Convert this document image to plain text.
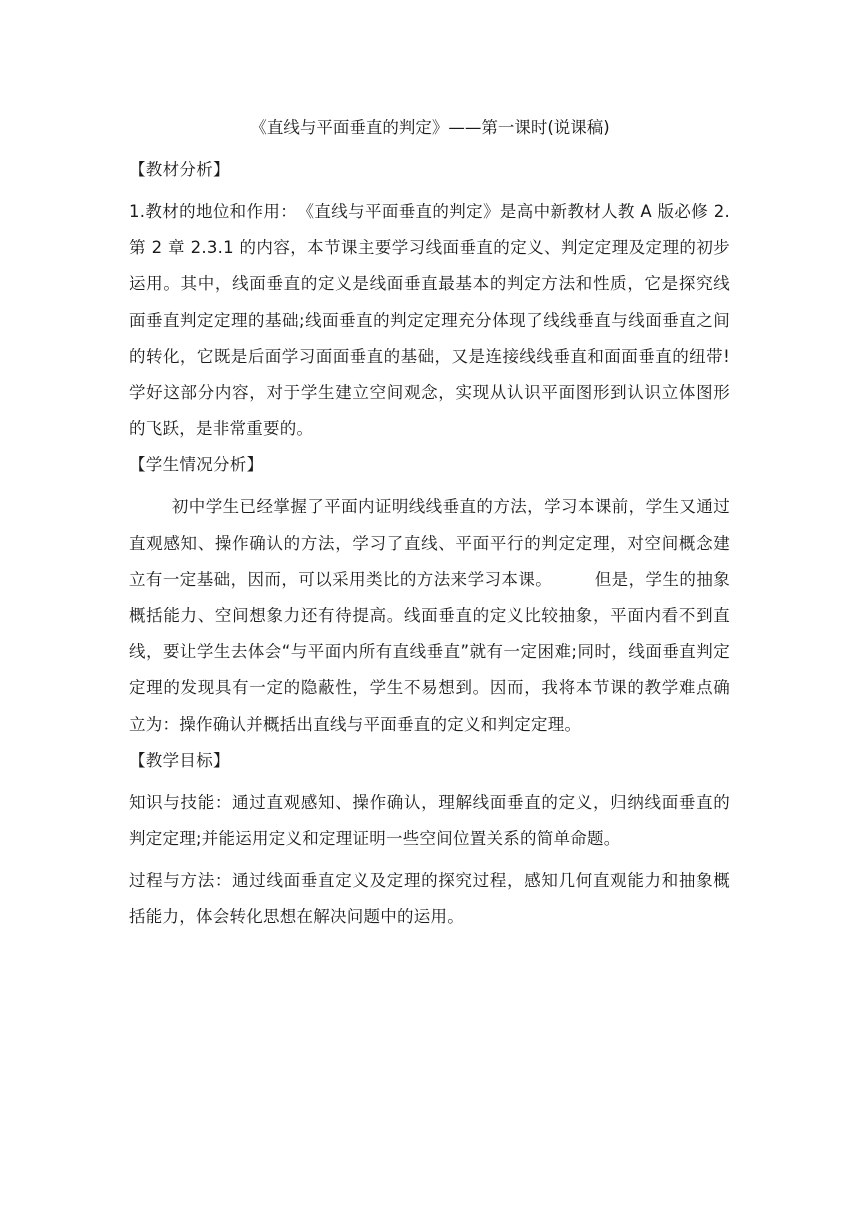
《直线与平面垂直的判定》——第一课时(说课稿)
【教材分析】

1.教材的地位和作用：　《直线与平面垂直的判定》是高中新教材人教 A 版必修 2.第 2 章 2.3.1 的内容，本节课主要学习线面垂直的定义、判定定理及定理的初步运用。其中，线面垂直的定义是线面垂直最基本的判定方法和性质，它是探究线面垂直判定定理的基础;线面垂直的判定定理充分体现了线线垂直与线面垂直之间的转化，它既是后面学习面面垂直的基础，又是连接线线垂直和面面垂直的纽带!学好这部分内容，对于学生建立空间观念，实现从认识平面图形到认识立体图形的飞跃，是非常重要的。

【学生情况分析】

初中学生已经掌握了平面内证明线线垂直的方法，学习本课前，学生又通过直观感知、操作确认的方法，学习了直线、平面平行的判定定理，对空间概念建立有一定基础，因而，可以采用类比的方法来学习本课。　　　但是，学生的抽象概括能力、空间想象力还有待提高。线面垂直的定义比较抽象，平面内看不到直线，要让学生去体会“与平面内所有直线垂直”就有一定困难;同时，线面垂直判定定理的发现具有一定的隐蔽性，学生不易想到。因而，我将本节课的教学难点确立为：操作确认并概括出直线与平面垂直的定义和判定定理。

【教学目标】

知识与技能：通过直观感知、操作确认，理解线面垂直的定义，归纳线面垂直的判定定理;并能运用定义和定理证明一些空间位置关系的简单命题。

过程与方法：通过线面垂直定义及定理的探究过程，感知几何直观能力和抽象概括能力，体会转化思想在解决问题中的运用。
